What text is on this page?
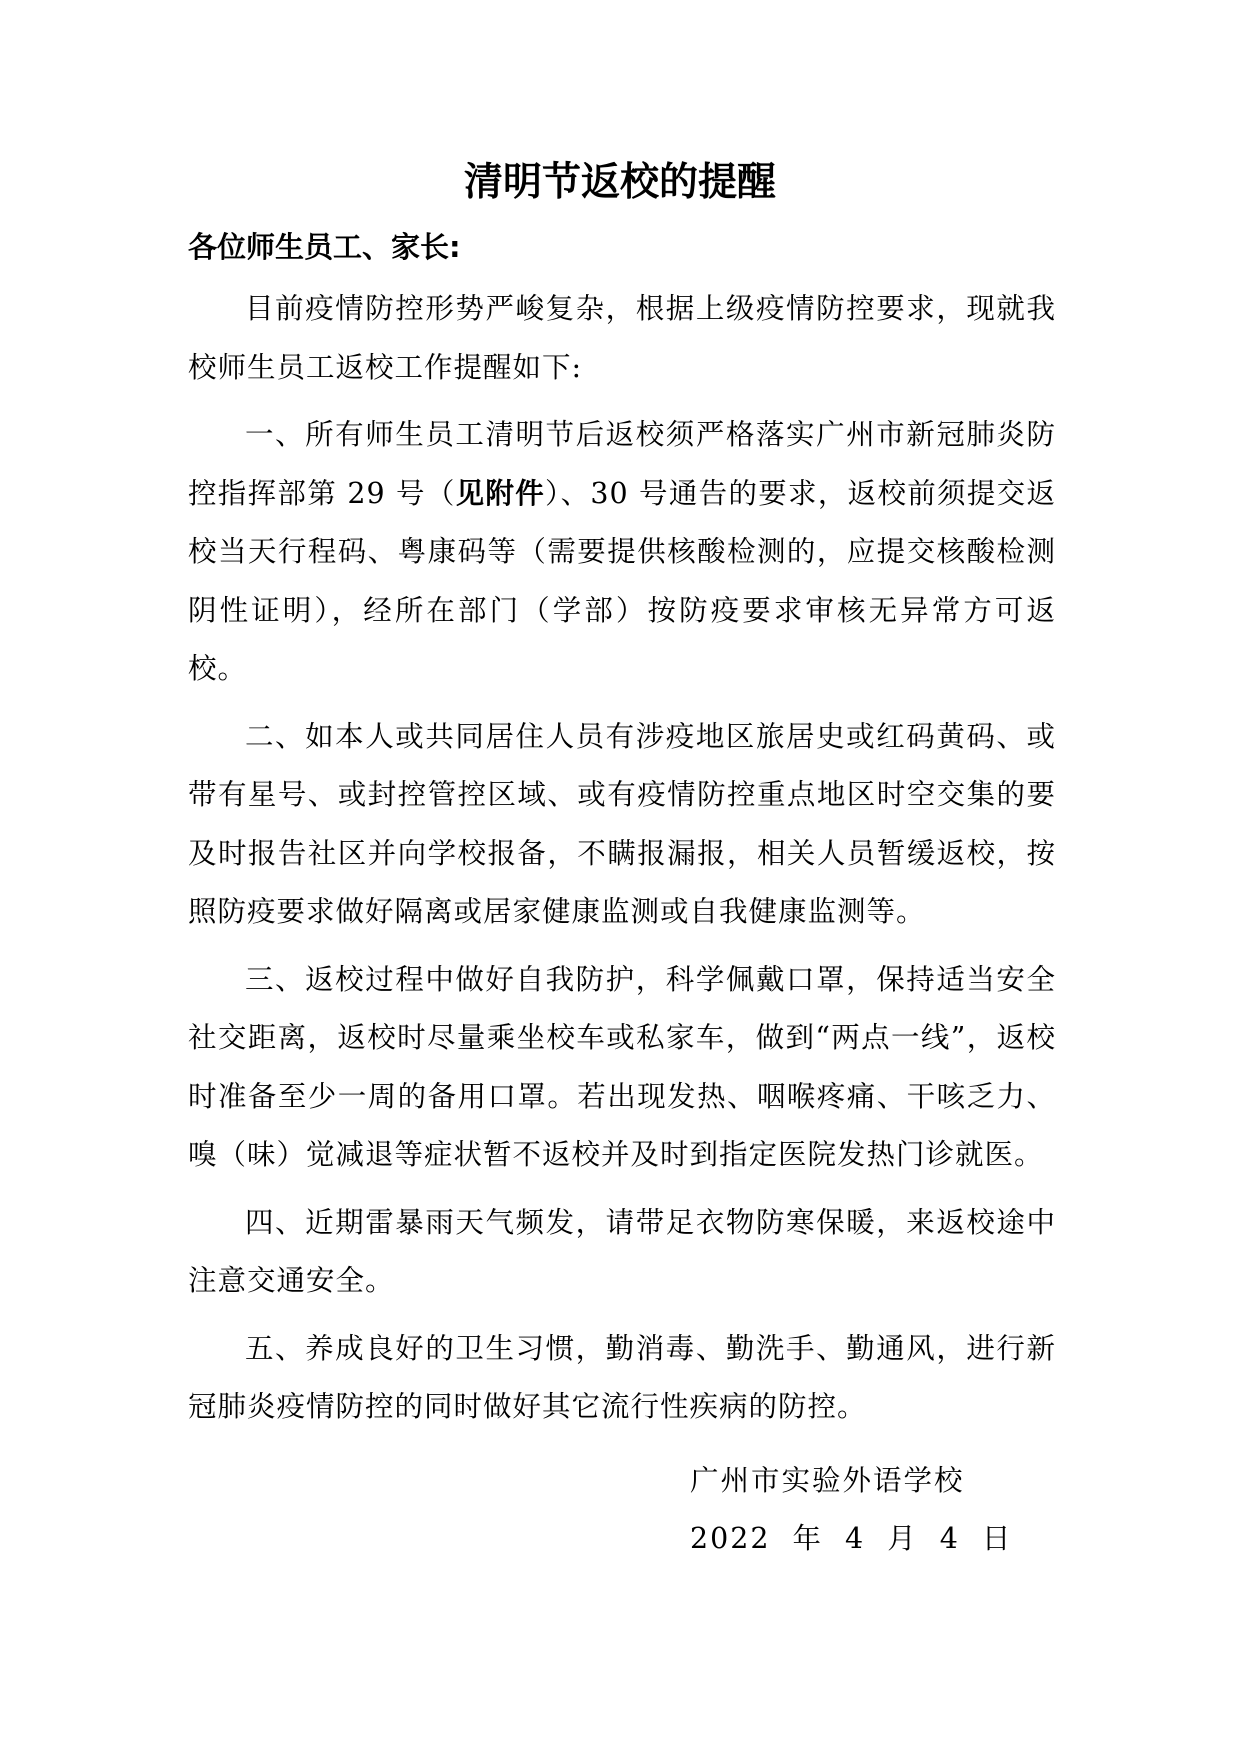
清明节返校的提醒

各位师生员工、家长:

目前疫情防控形势严峻复杂，根据上级疫情防控要求，现就我校师生员工返校工作提醒如下:

一、所有师生员工清明节后返校须严格落实广州市新冠肺炎防控指挥部第 29 号（见附件）、30 号通告的要求，返校前须提交返校当天行程码、粤康码等（需要提供核酸检测的，应提交核酸检测阴性证明），经所在部门（学部）按防疫要求审核无异常方可返校。

二、如本人或共同居住人员有涉疫地区旅居史或红码黄码、或带有星号、或封控管控区域、或有疫情防控重点地区时空交集的要及时报告社区并向学校报备，不瞒报漏报，相关人员暂缓返校，按照防疫要求做好隔离或居家健康监测或自我健康监测等。

三、返校过程中做好自我防护，科学佩戴口罩，保持适当安全社交距离，返校时尽量乘坐校车或私家车，做到“两点一线”，返校时准备至少一周的备用口罩。若出现发热、咽喉疼痛、干咳乏力、嗅（味）觉减退等症状暂不返校并及时到指定医院发热门诊就医。

四、近期雷暴雨天气频发，请带足衣物防寒保暖，来返校途中注意交通安全。

五、养成良好的卫生习惯，勤消毒、勤洗手、勤通风，进行新冠肺炎疫情防控的同时做好其它流行性疾病的防控。

广州市实验外语学校
2022 年 4 月 4 日
